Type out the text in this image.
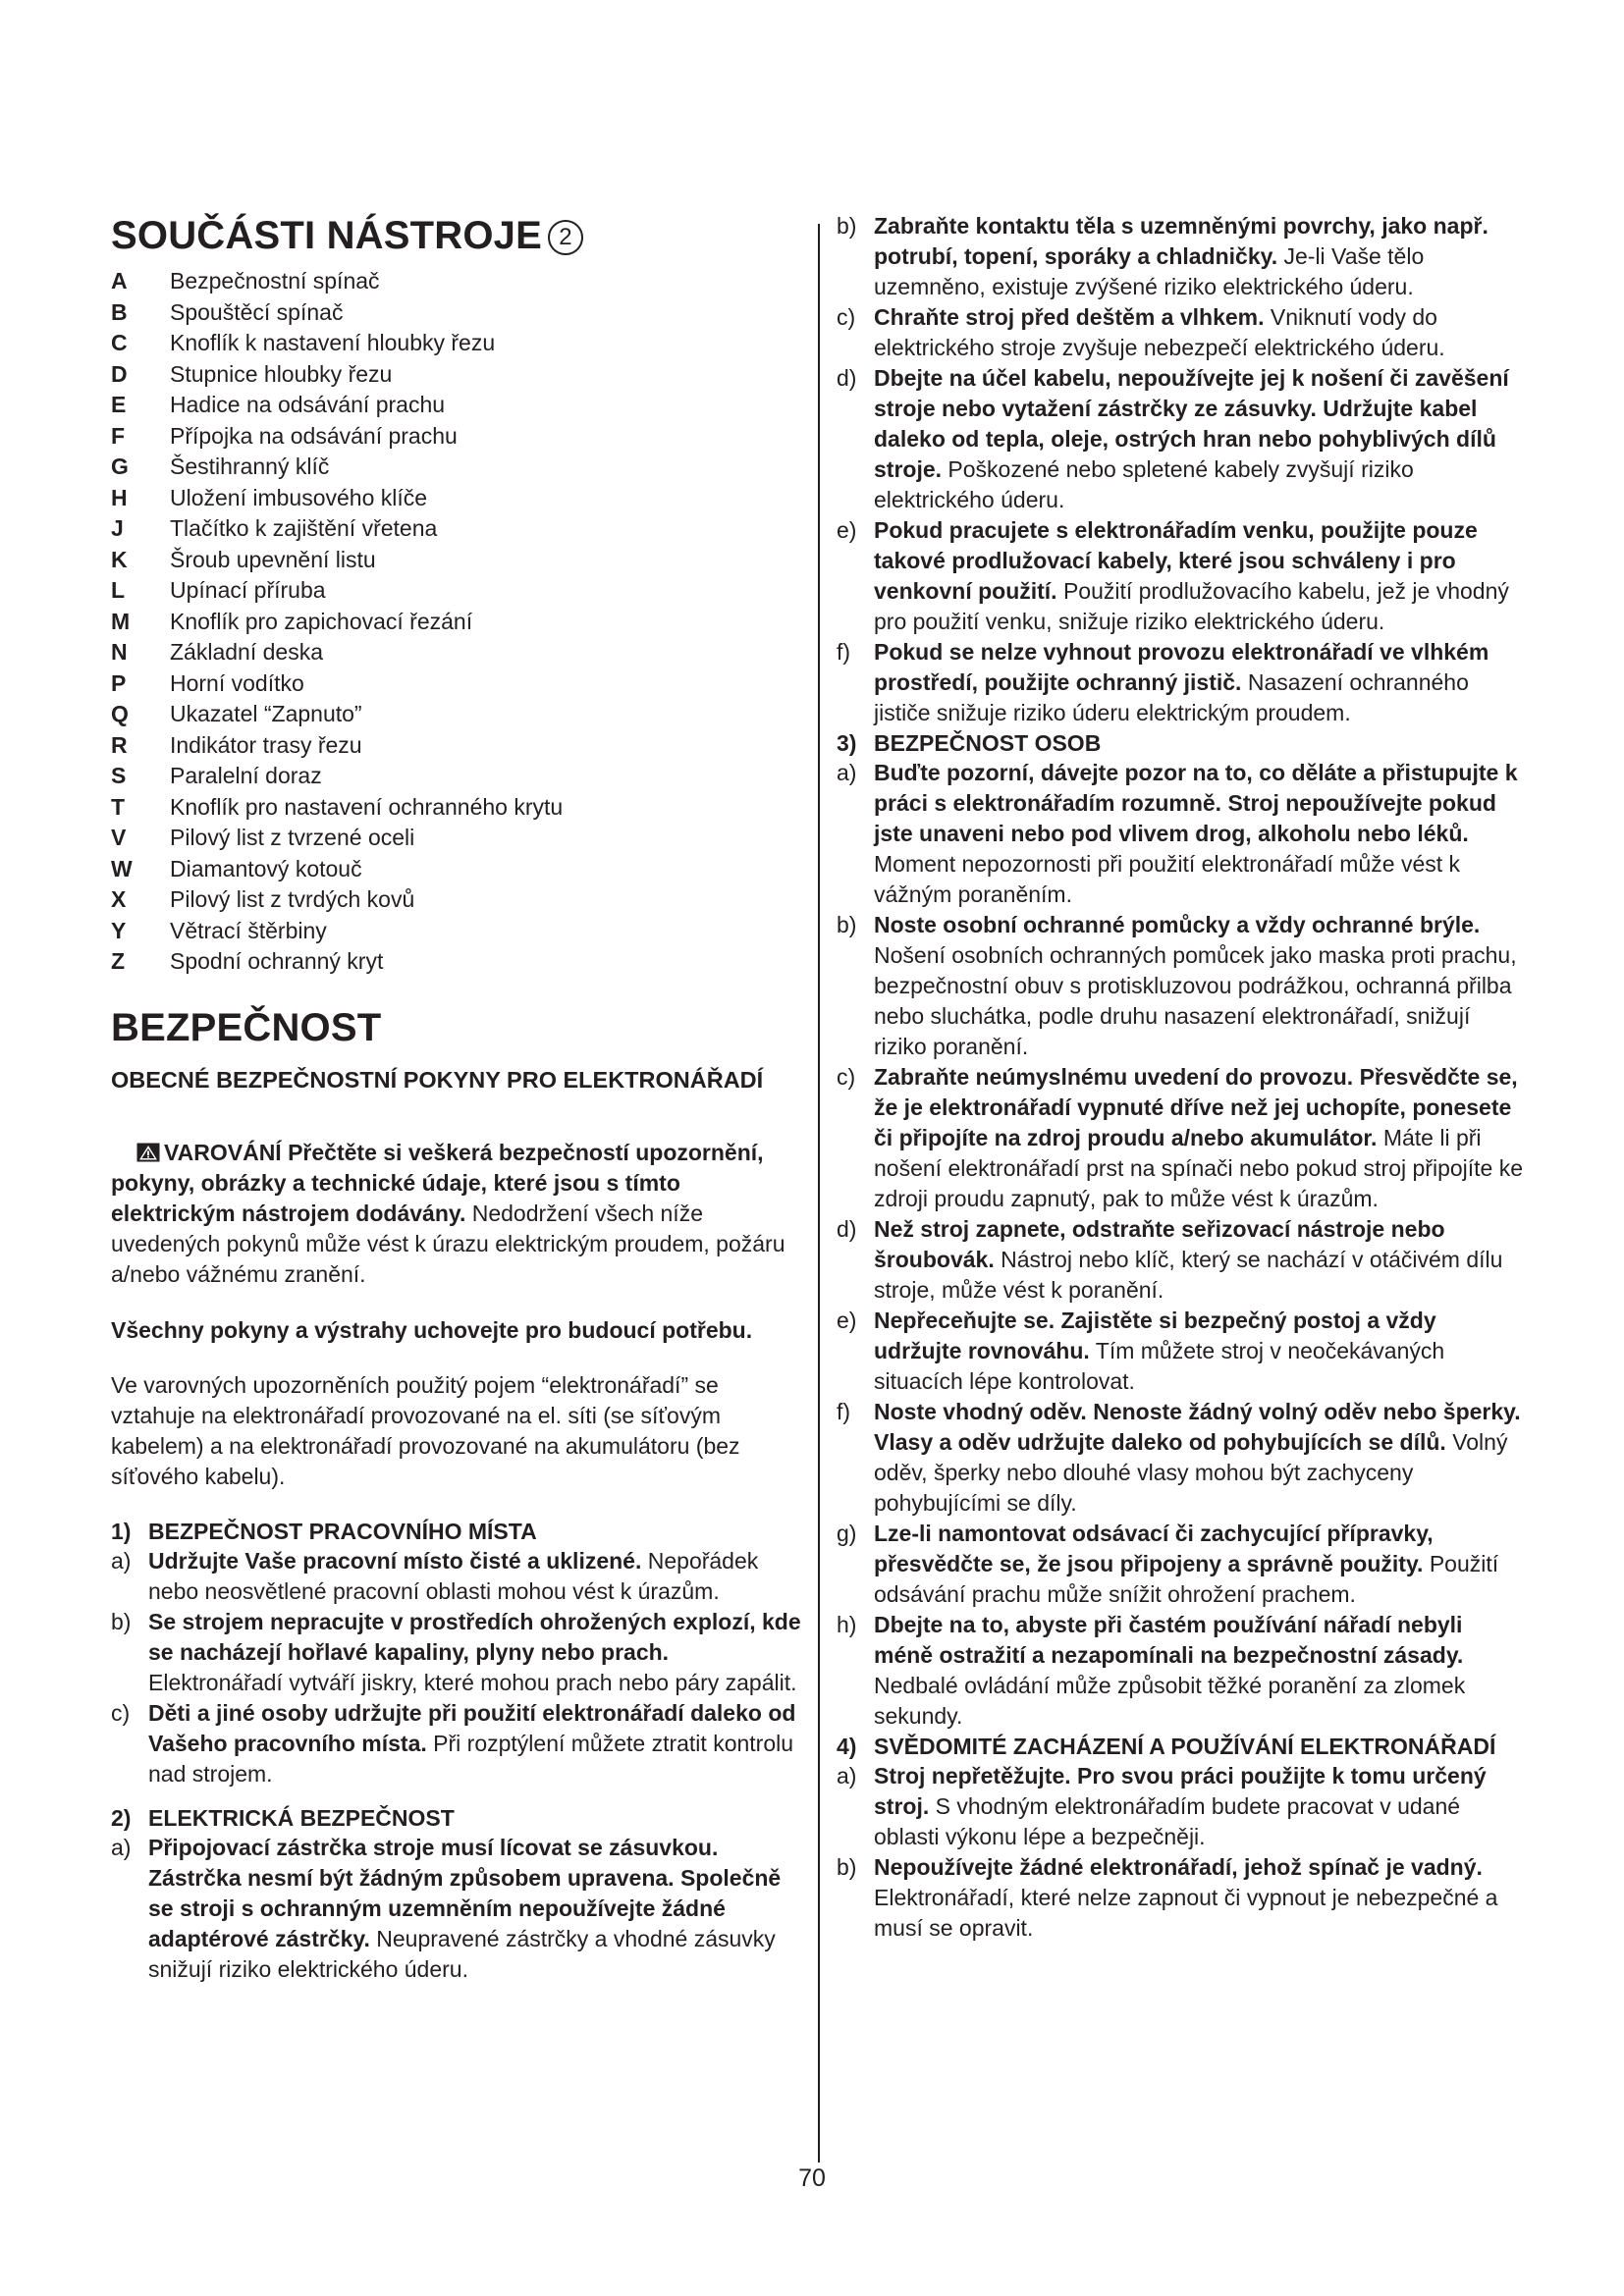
SOUČÁSTI NÁSTROJE 2
A	Bezpečnostní spínač
B	Spouštěcí spínač
C	Knoflík k nastavení hloubky řezu
D	Stupnice hloubky řezu
E	Hadice na odsávání prachu
F	Přípojka na odsávání prachu
G	Šestihranný klíč
H	Uložení imbusového klíče
J	Tlačítko k zajištění vřetena
K	Šroub upevnění listu
L	Upínací příruba
M	Knoflík pro zapichovací řezání
N	Základní deska
P	Horní vodítko
Q	Ukazatel “Zapnuto”
R	Indikátor trasy řezu
S	Paralelní doraz
T	Knoflík pro nastavení ochranného krytu
V	Pilový list z tvrzené oceli
W	Diamantový kotouč
X	Pilový list z tvrdých kovů
Y	Větrací štěrbiny
Z	Spodní ochranný kryt
BEZPEČNOST
OBECNÉ BEZPEČNOSTNÍ POKYNY PRO ELEKTRONÁŘADÍ
VAROVÁNÍ Přečtěte si veškerá bezpečností upozornění, pokyny, obrázky a technické údaje, které jsou s tímto elektrickým nástrojem dodávány. Nedodržení všech níže uvedených pokynů může vést k úrazu elektrickým proudem, požáru a/nebo vážnému zranění.

Všechny pokyny a výstrahy uchovejte pro budoucí potřebu.

Ve varovných upozorněních použitý pojem “elektronářadí” se vztahuje na elektronářadí provozované na el. síti (se síťovým kabelem) a na elektronářadí provozované na akumulátoru (bez síťového kabelu).

1) BEZPEČNOST PRACOVNÍHO MÍSTA
a) Udržujte Vaše pracovní místo čisté a uklizené. Nepořádek nebo neosvětlené pracovní oblasti mohou vést k úrazům.
b) Se strojem nepracujte v prostředích ohrožených explozí, kde se nacházejí hořlavé kapaliny, plyny nebo prach. Elektronářadí vytváří jiskry, které mohou prach nebo páry zapálit.
c) Děti a jiné osoby udržujte při použití elektronářadí daleko od Vašeho pracovního místa. Při rozptýlení můžete ztratit kontrolu nad strojem.
2) ELEKTRICKÁ BEZPEČNOST
a) Připojovací zástrčka stroje musí lícovat se zásuvkou. Zástrčka nesmí být žádným způsobem upravena. Společně se stroji s ochranným uzemněním nepoužívejte žádné adaptérové zástrčky. Neupravené zástrčky a vhodné zásuvky snižují riziko elektrického úderu.
b) Zabraňte kontaktu těla s uzemněnými povrchy, jako např. potrubí, topení, sporáky a chladničky. Je-li Vaše tělo uzemněno, existuje zvýšené riziko elektrického úderu.
c) Chraňte stroj před deštěm a vlhkem. Vniknutí vody do elektrického stroje zvyšuje nebezpečí elektrického úderu.
d) Dbejte na účel kabelu, nepoužívejte jej k nošení či zavěšení stroje nebo vytažení zástrčky ze zásuvky. Udržujte kabel daleko od tepla, oleje, ostrých hran nebo pohyblivých dílů stroje. Poškozené nebo spletené kabely zvyšují riziko elektrického úderu.
e) Pokud pracujete s elektronářadím venku, použijte pouze takové prodlužovací kabely, které jsou schváleny i pro venkovní použití. Použití prodlužovacího kabelu, jež je vhodný pro použití venku, snižuje riziko elektrického úderu.
f)	Pokud se nelze vyhnout provozu elektronářadí ve vlhkém prostředí, použijte ochranný jistič. Nasazení ochranného jističe snižuje riziko úderu elektrickým proudem.
3) BEZPEČNOST OSOB
a) Buďte pozorní, dávejte pozor na to, co děláte a přistupujte k práci s elektronářadím rozumně. Stroj nepoužívejte pokud jste unaveni nebo pod vlivem drog, alkoholu nebo léků. Moment nepozornosti při použití elektronářadí může vést k vážným poraněním.
b) Noste osobní ochranné pomůcky a vždy ochranné brýle. Nošení osobních ochranných pomůcek jako maska proti prachu, bezpečnostní obuv s protiskluzovou podrážkou, ochranná přilba nebo sluchátka, podle druhu nasazení elektronářadí, snižují riziko poranění.
c) Zabraňte neúmyslnému uvedení do provozu. Přesvědčte se, že je elektronářadí vypnuté dříve než jej uchopíte, ponesete či připojíte na zdroj proudu a/nebo akumulátor. Máte li při nošení elektronářadí prst na spínači nebo pokud stroj připojíte ke zdroji proudu zapnutý, pak to může vést k úrazům.
d) Než stroj zapnete, odstraňte seřizovací nástroje nebo šroubovák. Nástroj nebo klíč, který se nachází v otáčivém dílu stroje, může vést k poranění.
e) Nepřeceňujte se. Zajistěte si bezpečný postoj a vždy udržujte rovnováhu. Tím můžete stroj v neočekávaných situacích lépe kontrolovat.
f)	Noste vhodný oděv. Nenoste žádný volný oděv nebo šperky. Vlasy a oděv udržujte daleko od pohybujících se dílů. Volný oděv, šperky nebo dlouhé vlasy mohou být zachyceny pohybujícími se díly.
g) Lze-li namontovat odsávací či zachycující přípravky, přesvědčte se, že jsou připojeny a správně použity. Použití odsávání prachu může snížit ohrožení prachem.
h) Dbejte na to, abyste při častém používání nářadí nebyli méně ostražití a nezapomínali na bezpečnostní zásady. Nedbalé ovládání může způsobit těžké poranění za zlomek sekundy.
4) SVĚDOMITÉ ZACHÁZENÍ A POUŽÍVÁNÍ ELEKTRONÁŘADÍ
a) Stroj nepřetěžujte. Pro svou práci použijte k tomu určený stroj. S vhodným elektronářadím budete pracovat v udané oblasti výkonu lépe a bezpečněji.
b) Nepoužívejte žádné elektronářadí, jehož spínač je vadný. Elektronářadí, které nelze zapnout či vypnout je nebezpečné a musí se opravit.
70
